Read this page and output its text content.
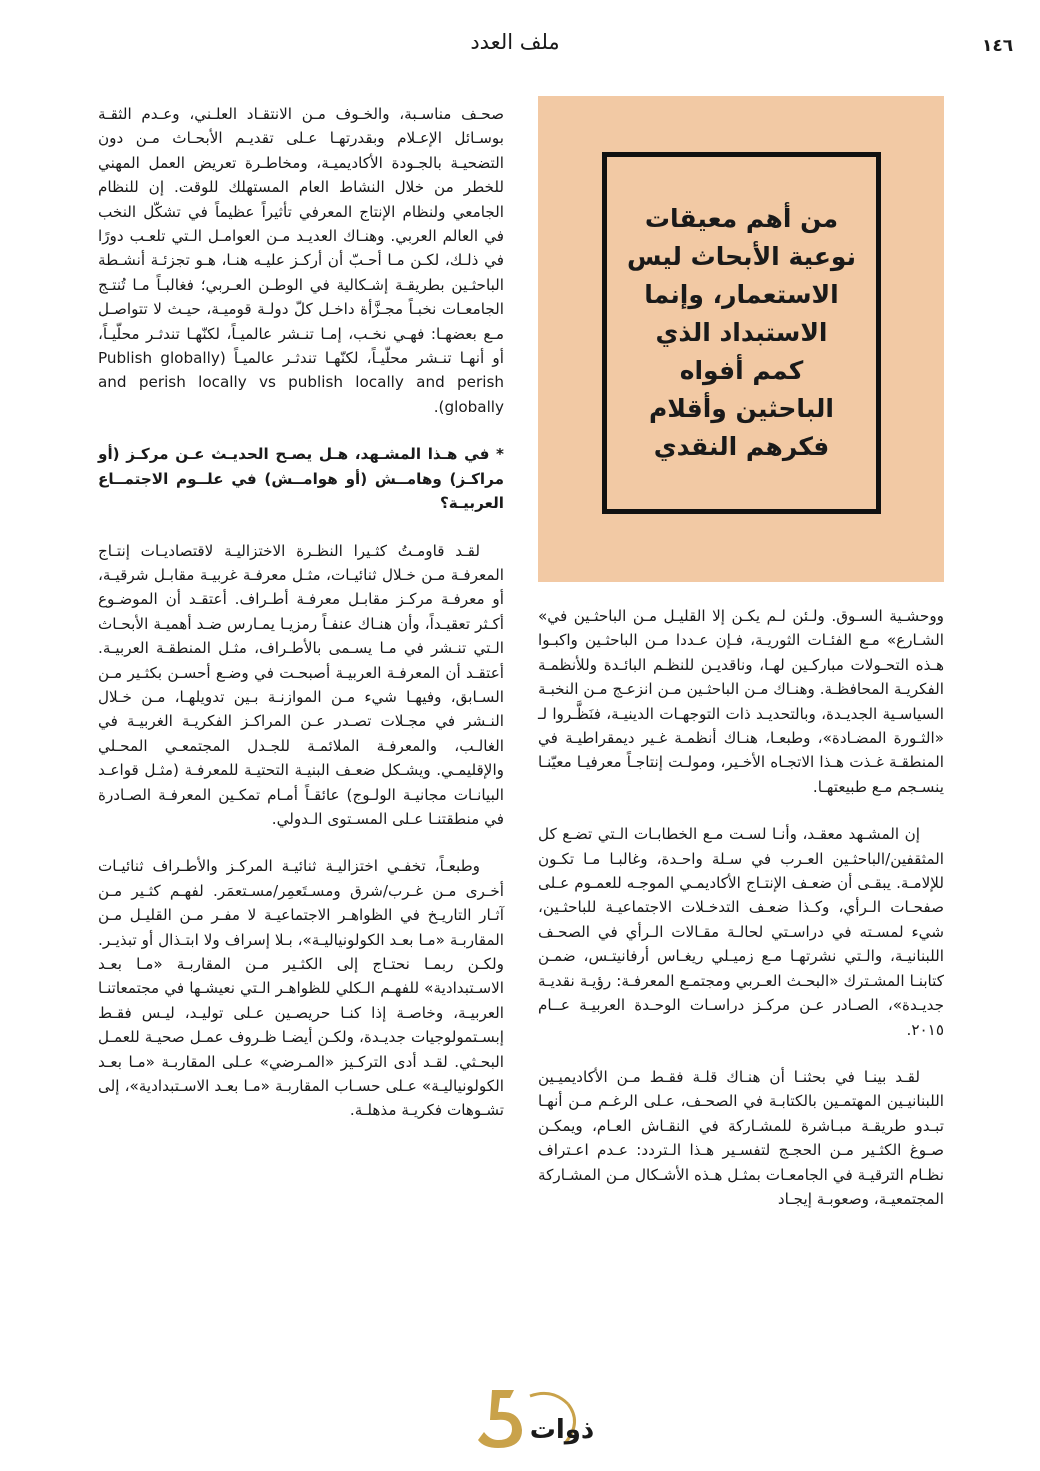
١٤٦
ملف العدد

صحـف مناسـبة، والخـوف مـن الانتقـاد العلـني، وعـدم الثقـة بوسـائل الإعـلام وبقدرتهـا عـلى تقديـم الأبحـاث مـن دون التضحيـة بالجـودة الأكاديميـة، ومخاطـرة تعريض العمل المهني للخطر من خلال النشاط العام المستهلك للوقت. إن للنظام الجامعي ولنظام الإنتاج المعرفي تأثيراً عظيماً في تشكّل النخب في العالم العربي. وهنـاك العديـد مـن العوامـل الـتي تلعـب دورًا في ذلـك، لكـن مـا أحـبّ أن أركـز عليـه هنـا، هـو تجزئـة أنشـطة الباحثـين بطريقـة إشـكالية في الوطـن العـربي؛ فغالبـاً مـا تُنتـج الجامعـات نخبـاً مجـزَّأة داخـل كلّ دولـة قوميـة، حيـث لا تتواصـل مـع بعضهـا: فهـي نخـب، إمـا تنـشر عالميـاً، لكنّهـا تندثـر محلّيـاً، أو أنهـا تنـشر محلّيـاً، لكنّهـا تندثـر عالميـاً (Publish globally and perish locally vs publish locally and perish globally).

* في هـذا المشـهد، هـل يصـح الحديـث عـن مركـز (أو مراكـز) وهامــش (أو هوامــش) في علــوم الاجتمــاع العربيـة؟

لقـد قاومـتُ كثـيرا النظـرة الاختزاليـة لاقتصاديـات إنتـاج المعرفـة مـن خـلال ثنائيـات، مثـل معرفـة غربيـة مقابـل شرقيـة، أو معرفـة مركـز مقابـل معرفـة أطـراف. أعتقـد أن الموضـوع أكـثر تعقيـداً، وأن هنـاك عنفـاً رمزيـا يمـارس ضـد أهميـة الأبحـاث الـتي تنـشر في مـا يسـمى بالأطـراف، مثـل المنطقـة العربيـة. أعتقـد أن المعرفـة العربيـة أصبحـت في وضـع أحسـن بكثـير مـن السـابق، وفيهـا شيء مـن الموازنـة بـين تدويلهـا، مـن خـلال النـشر في مجـلات تصـدر عـن المراكـز الفكريـة الغربيـة في الغالـب، والمعرفـة الملائمـة للجـدل المجتمعـي المحـلي والإقليمـي. ويشـكل ضعـف البنيـة التحتيـة للمعرفـة (مثـل قواعـد البيانـات مجانيـة الولـوج) عائقـاً أمـام تمكـين المعرفـة الصـادرة في منطقتنـا عـلى المسـتوى الـدولي.

وطبعـاً، تخفـي اختزاليـة ثنائيـة المركـز والأطـراف ثنائيـات أخـرى مـن غـرب/شرق ومسـتَعمِر/مسـتعمَر. لفهـم كثـير مـن آثـار التاريـخ في الظواهـر الاجتماعيـة لا مفـر مـن القليـل مـن المقاربـة «مـا بعـد الكولونياليـة»، بـلا إسراف ولا ابتـذال أو تبذيـر. ولكـن ربمـا نحتـاج إلى الكثـير مـن المقاربـة «مـا بعـد الاسـتبدادية» للفهـم الـكلي للظواهـر الـتي نعيشـها في مجتمعاتنـا العربيـة، وخاصـة إذا كنـا حريصـين عـلى توليـد، ليـس فقـط إبسـتمولوجيات جديـدة، ولكـن أيضـا ظـروف عمـل صحيـة للعمـل البحـثي. لقـد أدى التركـيز «المـرضي» عـلى المقاربـة «مـا بعـد الكولونياليـة» عـلى حسـاب المقاربـة «مـا بعـد الاسـتبدادية»، إلى تشـوهات فكريـة مذهلـة.

من أهم معيقات نوعية الأبحاث ليس الاستعمار، وإنما الاستبداد الذي كمم أفواه الباحثين وأقلام فكرهم النقدي

ووحشـية السـوق. ولـئن لـم يكـن إلا القليـل مـن الباحثـين في» الشـارع» مـع الفئـات الثوريـة، فـإن عـددا مـن الباحثـين واكبـوا هـذه التحـولات مباركـين لهـا، وناقديـن للنظـم البائـدة وللأنظمـة الفكريـة المحافظـة. وهنـاك مـن الباحثـين مـن انزعـج مـن النخبـة السياسـية الجديـدة، وبالتحديـد ذات التوجهـات الدينيـة، فنَظَّـروا لـ «الثـورة المضـادة»، وطبعـا، هنـاك أنظمـة غـير ديمقراطيـة في المنطقـة غـذت هـذا الاتجـاه الأخـير، ومولـت إنتاجـاً معرفيـا معيّنـا ينسـجم مـع طبيعتهـا.

إن المشـهد معقـد، وأنـا لسـت مـع الخطابـات الـتي تضـع كل المثقفين/الباحثـين العـرب في سـلة واحـدة، وغالبـا مـا تكـون للإلامـة. يبقـى أن ضعـف الإنتـاج الأكاديمـي الموجـه للعمـوم عـلى صفحـات الـرأي، وكـذا ضعـف التدخـلات الاجتماعيـة للباحثـين، شيء لمسـته في دراسـتي لحالـة مقـالات الـرأي في الصحـف اللبنانيـة، والـتي نشرتهـا مـع زميـلي ريغـاس أرفانيتـس، ضمـن كتابنـا المشـترك «البحـث العـربي ومجتمـع المعرفـة: رؤيـة نقديـة جديـدة»، الصـادر عـن مركـز دراسـات الوحـدة العربيـة عــام ٢٠١٥.

لقـد بينـا في بحثنـا أن هنـاك قلـة فقـط مـن الأكاديميـين اللبنانيـين المهتمـين بالكتابـة في الصحـف، عـلى الرغـم مـن أنهـا تبـدو طريقـة مبـاشرة للمشـاركة في النقـاش العـام، ويمكـن صـوغ الكثـير مـن الحجـج لتفسـير هـذا الـتردد: عـدم اعـتراف نظـام الترقيـة في الجامعـات بمثـل هـذه الأشـكال مـن المشـاركة المجتمعيـة، وصعوبـة إيجـاد

ذوات
